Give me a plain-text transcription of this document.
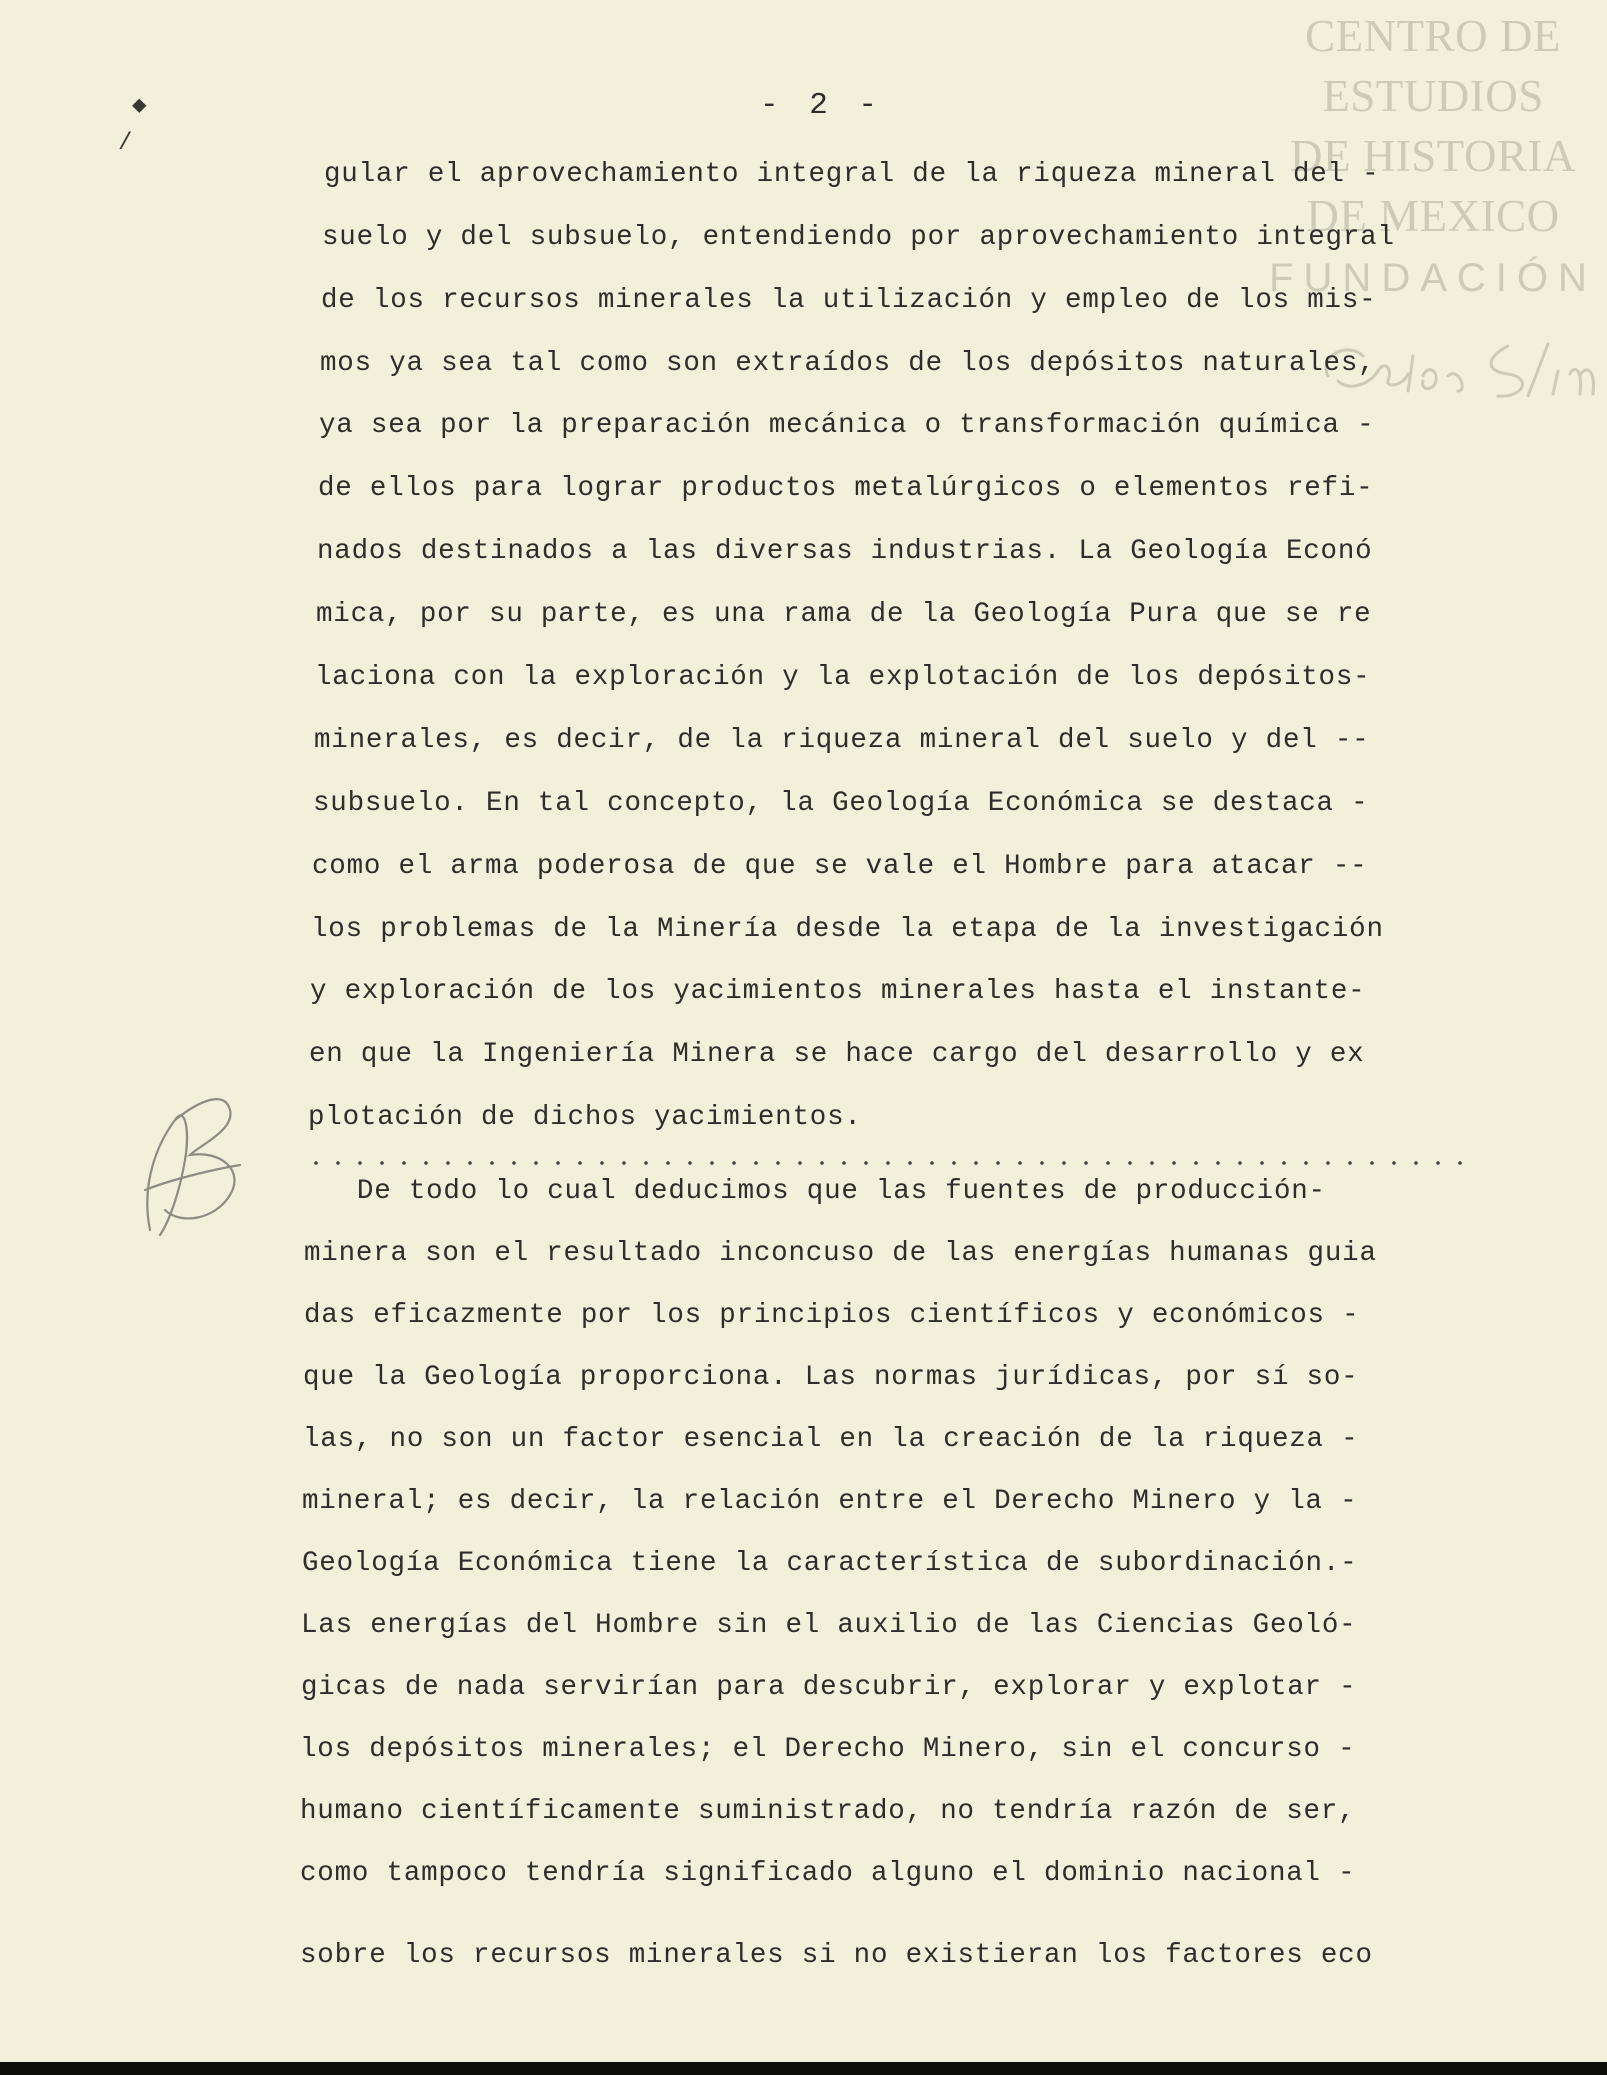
CENTRO DE
ESTUDIOS
DE HISTORIA
DE MEXICO
FUNDACIÓN
◆
/
- 2 -
gular el aprovechamiento integral de la riqueza mineral del -
suelo y del subsuelo, entendiendo por aprovechamiento integral
de los recursos minerales la utilización y empleo de los mis-
mos ya sea tal como son extraídos de los depósitos naturales,
ya sea por la preparación mecánica o transformación química -
de ellos para lograr productos metalúrgicos o elementos refi-
nados destinados a las diversas industrias. La Geología Econó
mica, por su parte, es una rama de la Geología Pura que se re
laciona con la exploración y la explotación de los depósitos-
minerales, es decir, de la riqueza mineral del suelo y del --
subsuelo. En tal concepto, la Geología Económica se destaca -
como el arma poderosa de que se vale el Hombre para atacar --
los problemas de la Minería desde la etapa de la investigación
y exploración de los yacimientos minerales hasta el instante-
en que la Ingeniería Minera se hace cargo del desarrollo y ex
plotación de dichos yacimientos.
De todo lo cual deducimos que las fuentes de producción-
minera son el resultado inconcuso de las energías humanas guia
das eficazmente por los principios científicos y económicos -
que la Geología proporciona. Las normas jurídicas, por sí so-
las, no son un factor esencial en la creación de la riqueza -
mineral; es decir, la relación entre el Derecho Minero y la -
Geología Económica tiene la característica de subordinación.-
Las energías del Hombre sin el auxilio de las Ciencias Geoló-
gicas de nada servirían para descubrir, explorar y explotar -
los depósitos minerales; el Derecho Minero, sin el concurso -
humano científicamente suministrado, no tendría razón de ser,
como tampoco tendría significado alguno el dominio nacional -
sobre los recursos minerales si no existieran los factores eco
